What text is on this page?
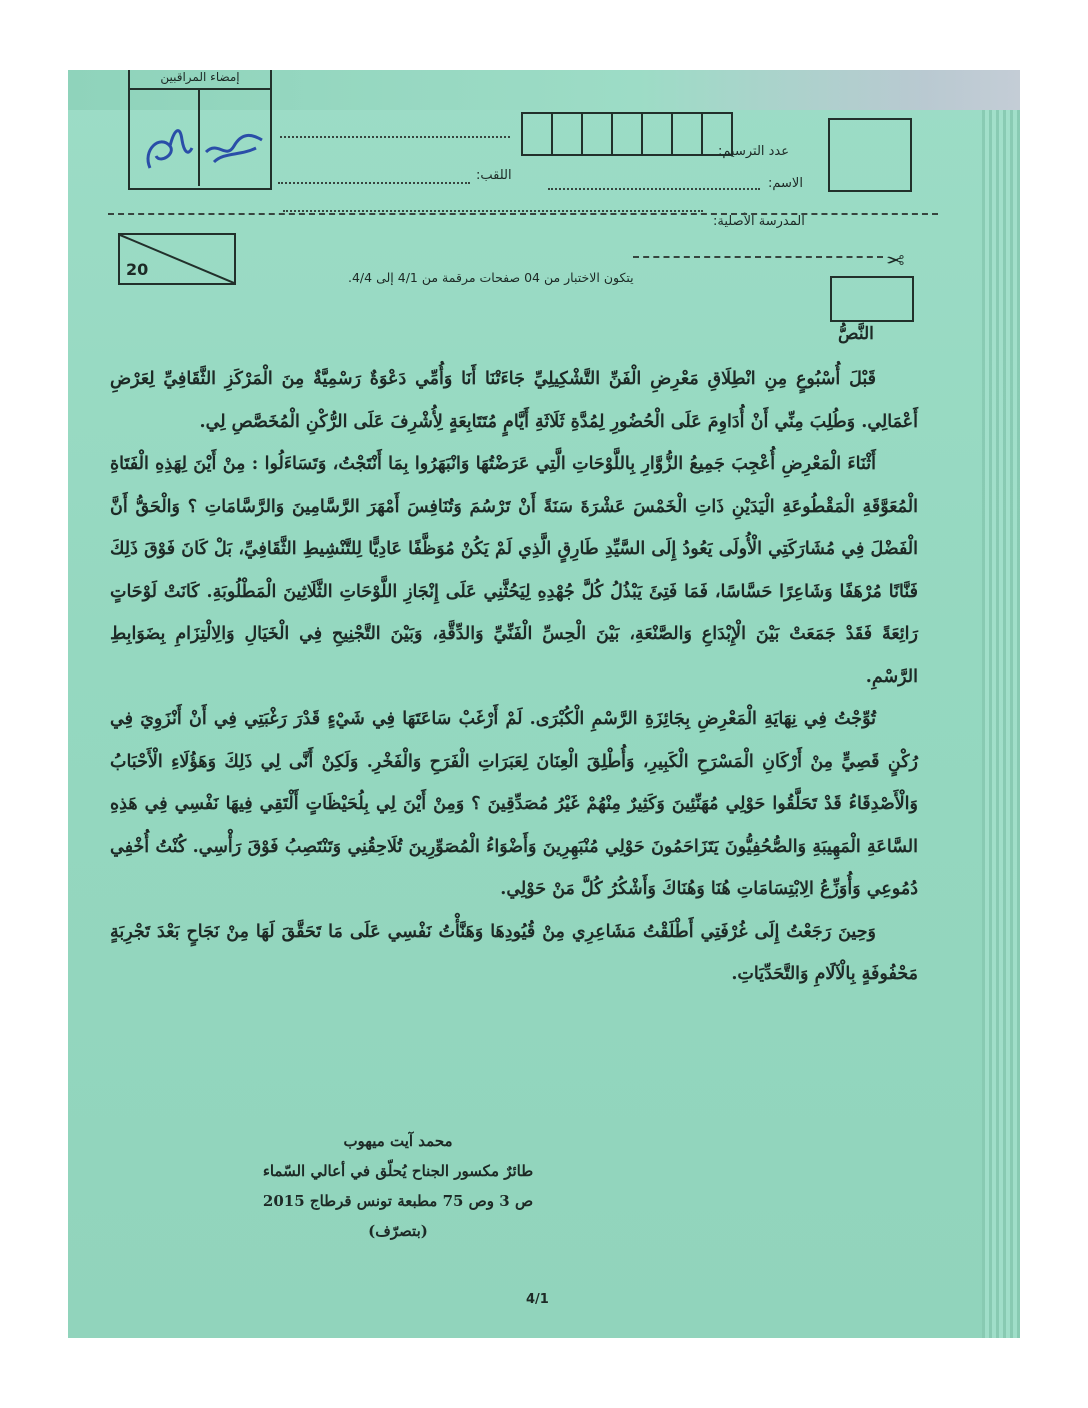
إمضاء المراقبين
عدد الترسيم:
اللقب:
الاسم:
المدرسة الأصلية:
✂
20	يتكون الاختبار من 04 صفحات مرقمة من 4/1 إلى 4/4.
النَّصُّ

قَبْلَ أُسْبُوعٍ مِنِ انْطِلَاقِ مَعْرِضِ الْفَنِّ التَّشْكِيلِيِّ جَاءَتْنَا أَنَا وَأُمِّي دَعْوَةٌ رَسْمِيَّةٌ مِنَ الْمَرْكَزِ الثَّقَافِيِّ لِعَرْضِ أَعْمَالِي. وَطُلِبَ مِنِّي أَنْ أُدَاوِمَ عَلَى الْحُضُورِ لِمُدَّةِ ثَلَاثَةِ أَيَّامٍ مُتَتَابِعَةٍ لِأُشْرِفَ عَلَى الرُّكْنِ الْمُخَصَّصِ لِي.

أَثْنَاءَ الْمَعْرِضِ أُعْجِبَ جَمِيعُ الزُّوَّارِ بِاللَّوْحَاتِ الَّتِي عَرَضْتُهَا وَانْبَهَرُوا بِمَا أَنْتَجْتُ، وَتَسَاءَلُوا : مِنْ أَيْنَ لِهَذِهِ الْفَتَاةِ الْمُعَوَّقَةِ الْمَقْطُوعَةِ الْيَدَيْنِ ذَاتِ الْخَمْسَ عَشْرَةَ سَنَةً أَنْ تَرْسُمَ وَتُنَافِسَ أَمْهَرَ الرَّسَّامِينَ وَالرَّسَّامَاتِ ؟ وَالْحَقُّ أَنَّ الْفَضْلَ فِي مُشَارَكَتِي الْأُولَى يَعُودُ إِلَى السَّيِّدِ طَارِقٍ الَّذِي لَمْ يَكُنْ مُوَظَّفًا عَادِيًّا لِلتَّنْشِيطِ الثَّقَافِيِّ، بَلْ كَانَ فَوْقَ ذَلِكَ فَنَّانًا مُرْهَفًا وَشَاعِرًا حَسَّاسًا، فَمَا فَتِئَ يَبْذُلُ كُلَّ جُهْدِهِ لِيَحُثَّنِي عَلَى إِنْجَازِ اللَّوْحَاتِ الثَّلَاثِينَ الْمَطْلُوبَةِ. كَانَتْ لَوْحَاتٍ رَائِعَةً فَقَدْ جَمَعَتْ بَيْنَ الْإِبْدَاعِ وَالصَّنْعَةِ، بَيْنَ الْحِسِّ الْفَنِّيِّ وَالدِّقَّةِ، وَبَيْنَ التَّجْنِيحِ فِي الْخَيَالِ وَالِالْتِزَامِ بِضَوَابِطِ الرَّسْمِ.

تُوِّجْتُ فِي نِهَايَةِ الْمَعْرِضِ بِجَائِزَةِ الرَّسْمِ الْكُبْرَى. لَمْ أَرْغَبْ سَاعَتَهَا فِي شَيْءٍ قَدْرَ رَغْبَتِي فِي أَنْ أَنْزَوِيَ فِي رُكْنٍ قَصِيٍّ مِنْ أَرْكَانِ الْمَسْرَحِ الْكَبِيرِ، وَأُطْلِقَ الْعِنَانَ لِعَبَرَاتِ الْفَرَحِ وَالْفَخْرِ. وَلَكِنْ أَنَّى لِي ذَلِكَ وَهَؤُلَاءِ الْأَحْبَابُ وَالْأَصْدِقَاءُ قَدْ تَحَلَّقُوا حَوْلِي مُهَنِّئِينَ وَكَثِيرٌ مِنْهُمْ غَيْرُ مُصَدِّقِينَ ؟ وَمِنْ أَيْنَ لِي بِلُحَيْظَاتٍ أَلْتَقِي فِيهَا نَفْسِي فِي هَذِهِ السَّاعَةِ الْمَهِيبَةِ وَالصُّحُفِيُّونَ يَتَزَاحَمُونَ حَوْلِي مُنْبَهِرِينَ وَأَضْوَاءُ الْمُصَوِّرِينَ تُلَاحِقُنِي وَتَنْتَصِبُ فَوْقَ رَأْسِي. كُنْتُ أُخْفِي دُمُوعِي وَأُوَزِّعُ الِابْتِسَامَاتِ هُنَا وَهُنَاكَ وَأَشْكُرُ كُلَّ مَنْ حَوْلِي.

وَحِينَ رَجَعْتُ إِلَى غُرْفَتِي أَطْلَقْتُ مَشَاعِرِي مِنْ قُيُودِهَا وَهَنَّأْتُ نَفْسِي عَلَى مَا تَحَقَّقَ لَهَا مِنْ نَجَاحٍ بَعْدَ تَجْرِبَةٍ مَحْفُوفَةٍ بِالْآلَامِ وَالتَّحَدِّيَاتِ.

محمد آيت ميهوب
طائرٌ مكسور الجناح يُحلّق في أعالي السّماء
ص 3 وص 75 مطبعة تونس قرطاج 2015
(بتصرّف)
4/1
